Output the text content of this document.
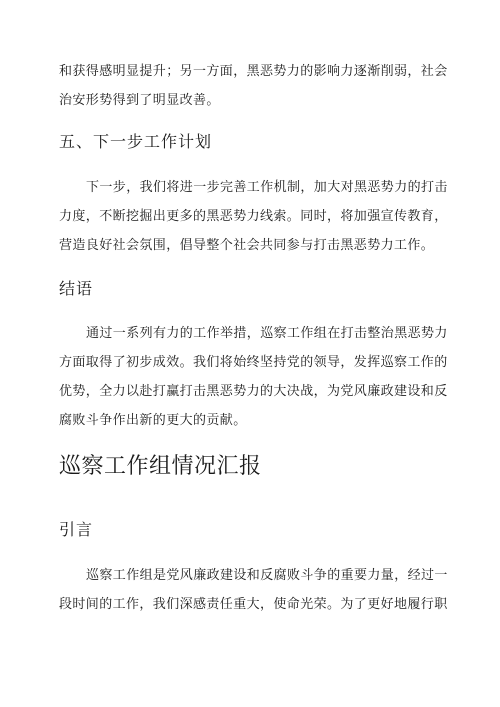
和获得感明显提升；另一方面，黑恶势力的影响力逐渐削弱，社会
治安形势得到了明显改善。
五、下一步工作计划
下一步，我们将进一步完善工作机制，加大对黑恶势力的打击
力度，不断挖掘出更多的黑恶势力线索。同时，将加强宣传教育，
营造良好社会氛围，倡导整个社会共同参与打击黑恶势力工作。
结语
通过一系列有力的工作举措，巡察工作组在打击整治黑恶势力
方面取得了初步成效。我们将始终坚持党的领导，发挥巡察工作的
优势，全力以赴打赢打击黑恶势力的大决战，为党风廉政建设和反
腐败斗争作出新的更大的贡献。
巡察工作组情况汇报
引言
巡察工作组是党风廉政建设和反腐败斗争的重要力量，经过一
段时间的工作，我们深感责任重大，使命光荣。为了更好地履行职
